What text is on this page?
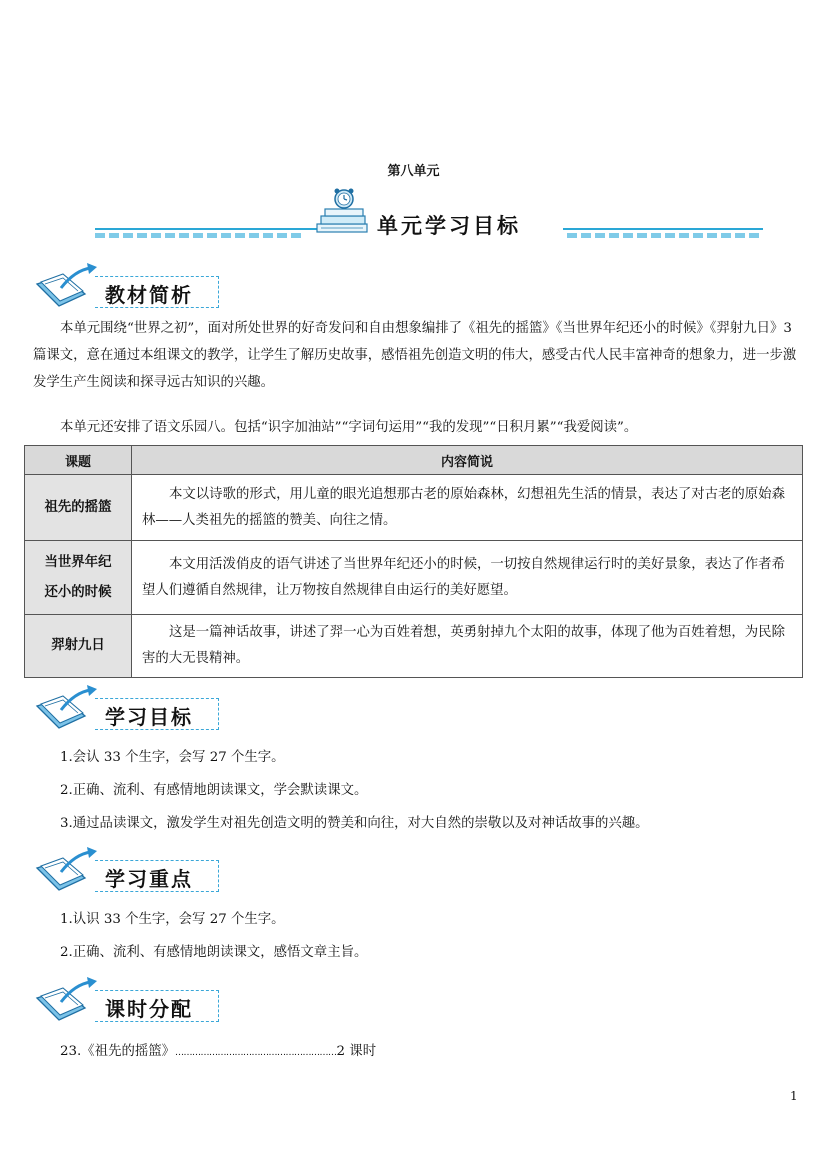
第八单元
单元学习目标
教材简析
本单元围绕“世界之初”，面对所处世界的好奇发问和自由想象编排了《祖先的摇篮》《当世界年纪还小的时候》《羿射九日》3篇课文，意在通过本组课文的教学，让学生了解历史故事，感悟祖先创造文明的伟大，感受古代人民丰富神奇的想象力，进一步激发学生产生阅读和探寻远古知识的兴趣。
本单元还安排了语文乐园八。包括“识字加油站”“字词句运用”“我的发现”“日积月累”“我爱阅读”。
课题	内容简说
祖先的摇篮	本文以诗歌的形式，用儿童的眼光追想那古老的原始森林，幻想祖先生活的情景，表达了对古老的原始森林——人类祖先的摇篮的赞美、向往之情。

当世界年纪
还小的时候	本文用活泼俏皮的语气讲述了当世界年纪还小的时候，一切按自然规律运行时的美好景象，表达了作者希望人们遵循自然规律，让万物按自然规律自由运行的美好愿望。
羿射九日	这是一篇神话故事，讲述了羿一心为百姓着想，英勇射掉九个太阳的故事，体现了他为百姓着想，为民除害的大无畏精神。
学习目标
1.会认 33 个生字，会写 27 个生字。
2.正确、流利、有感情地朗读课文，学会默读课文。
3.通过品读课文，激发学生对祖先创造文明的赞美和向往，对大自然的崇敬以及对神话故事的兴趣。
学习重点
1.认识 33 个生字，会写 27 个生字。
2.正确、流利、有感情地朗读课文，感悟文章主旨。
课时分配
23.《祖先的摇篮》…………………………………………………2 课时
1
